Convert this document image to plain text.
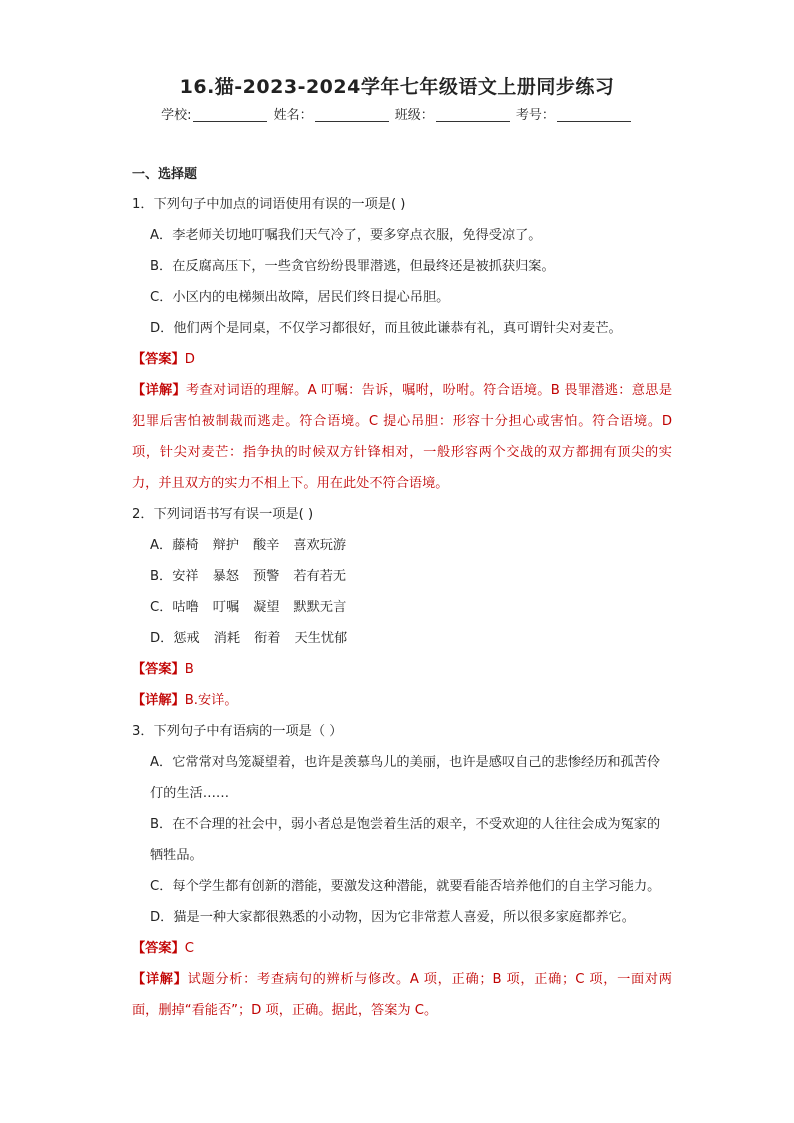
16.猫-2023-2024学年七年级语文上册同步练习
学校:	姓名：	班级：	考号：
一、选择题

1．下列句子中加点的词语使用有误的一项是( )

A．李老师关切地叮嘱我们天气冷了，要多穿点衣服，免得受凉了。

B．在反腐高压下，一些贪官纷纷畏罪潜逃，但最终还是被抓获归案。

C．小区内的电梯频出故障，居民们终日提心吊胆。

D．他们两个是同桌，不仅学习都很好，而且彼此谦恭有礼，真可谓针尖对麦芒。

【答案】D

【详解】考查对词语的理解。A 叮嘱：告诉，嘱咐，吩咐。符合语境。B 畏罪潜逃：意思是犯罪后害怕被制裁而逃走。符合语境。C 提心吊胆：形容十分担心或害怕。符合语境。D 项，针尖对麦芒：指争执的时候双方针锋相对，一般形容两个交战的双方都拥有顶尖的实力，并且双方的实力不相上下。用在此处不符合语境。

2．下列词语书写有误一项是( )

A．藤椅 辩护 酸辛 喜欢玩游

B．安祥 暴怒 预警 若有若无

C．咕噜 叮嘱 凝望 默默无言

D．惩戒 消耗 衔着 天生忧郁

【答案】B

【详解】B.安详。

3．下列句子中有语病的一项是（ ）

A．它常常对鸟笼凝望着，也许是羡慕鸟儿的美丽，也许是感叹自己的悲惨经历和孤苦伶仃的生活……

B．在不合理的社会中，弱小者总是饱尝着生活的艰辛，不受欢迎的人往往会成为冤家的牺牲品。

C．每个学生都有创新的潜能，要激发这种潜能，就要看能否培养他们的自主学习能力。

D．猫是一种大家都很熟悉的小动物，因为它非常惹人喜爱，所以很多家庭都养它。

【答案】C

【详解】试题分析：考查病句的辨析与修改。A 项，正确；B 项，正确；C 项，一面对两面，删掉“看能否”；D 项，正确。据此，答案为 C。
